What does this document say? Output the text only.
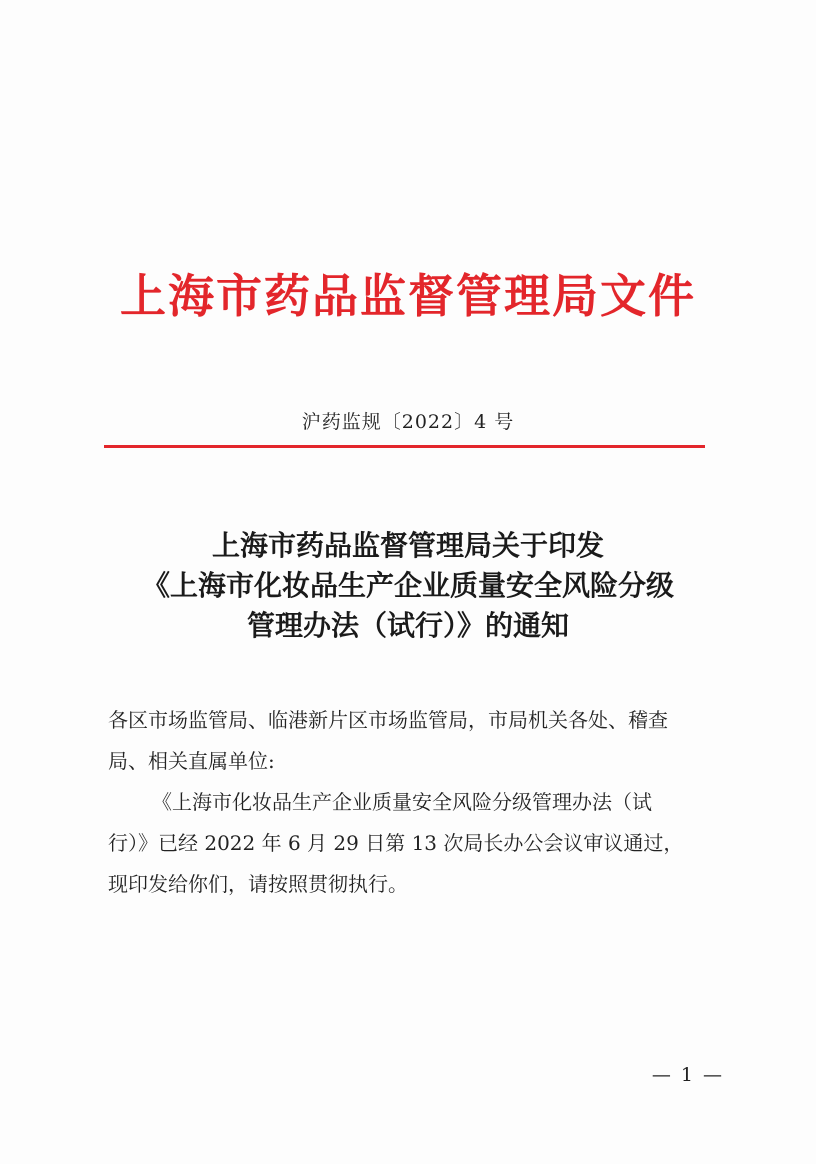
上海市药品监督管理局文件
沪药监规〔2022〕4 号
上海市药品监督管理局关于印发
《上海市化妆品生产企业质量安全风险分级
管理办法（试行）》的通知

各区市场监管局、临港新片区市场监管局，市局机关各处、稽查

局、相关直属单位:

《上海市化妆品生产企业质量安全风险分级管理办法（试

行）》已经 2022 年 6 月 29 日第 13 次局长办公会议审议通过，

现印发给你们，请按照贯彻执行。

— 1 —
